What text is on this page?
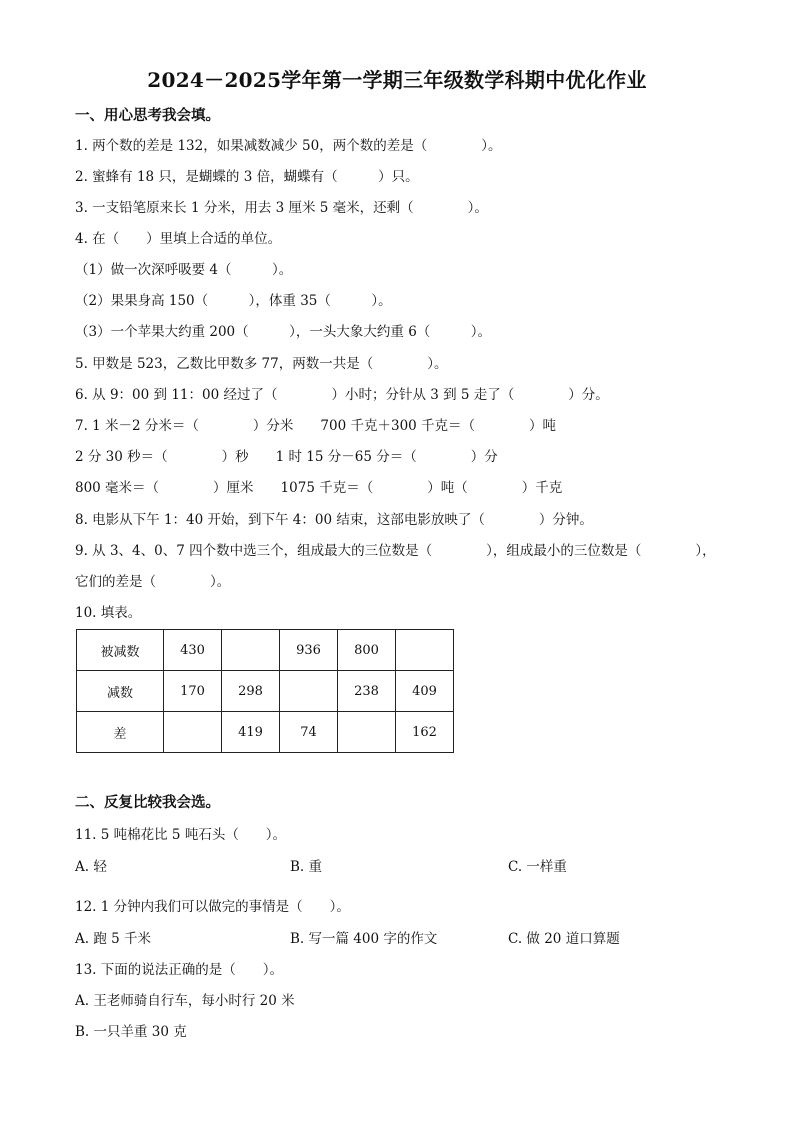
2024－2025学年第一学期三年级数学科期中优化作业
一、用心思考我会填。
1. 两个数的差是 132，如果减数减少 50，两个数的差是（　　　　）。
2. 蜜蜂有 18 只，是蝴蝶的 3 倍，蝴蝶有（　　　）只。
3. 一支铅笔原来长 1 分米，用去 3 厘米 5 毫米，还剩（　　　　）。
4. 在（　　）里填上合适的单位。
（1）做一次深呼吸要 4（　　　）。
（2）果果身高 150（　　　），体重 35（　　　）。
（3）一个苹果大约重 200（　　　），一头大象大约重 6（　　　）。
5. 甲数是 523，乙数比甲数多 77，两数一共是（　　　　）。
6. 从 9：00 到 11：00 经过了（　　　　）小时；分针从 3 到 5 走了（　　　　）分。
7. 1 米－2 分米＝（　　　　）分米　　700 千克＋300 千克＝（　　　　）吨
2 分 30 秒＝（　　　　）秒　　1 时 15 分－65 分＝（　　　　）分
800 毫米＝（　　　　）厘米　　1075 千克＝（　　　　）吨（　　　　）千克
8. 电影从下午 1：40 开始，到下午 4：00 结束，这部电影放映了（　　　　）分钟。
9. 从 3、4、0、7 四个数中选三个，组成最大的三位数是（　　　　），组成最小的三位数是（　　　　），
它们的差是（　　　　）。
10. 填表。
被减数	430		936	800	
减数	170	298		238	409
差		419	74		162
二、反复比较我会选。
11. 5 吨棉花比 5 吨石头（　　）。
A. 轻	B. 重	C. 一样重
12. 1 分钟内我们可以做完的事情是（　　）。
A. 跑 5 千米	B. 写一篇 400 字的作文	C. 做 20 道口算题
13. 下面的说法正确的是（　　）。
A. 王老师骑自行车，每小时行 20 米
B. 一只羊重 30 克
